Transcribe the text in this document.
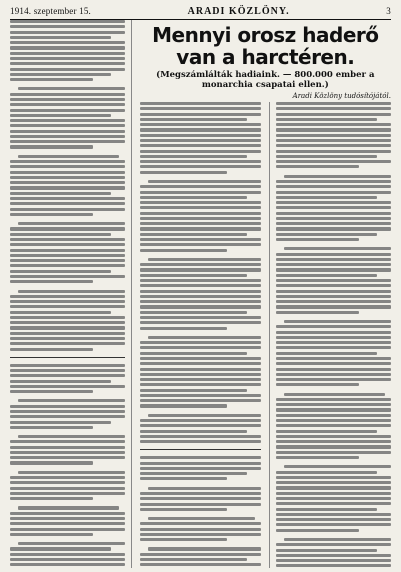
1914. szeptember 15.	ARADI KÖZLÖNY.	3
Mennyi orosz haderő van a harctéren.
(Megszámlálták hadiaink. — 800.000 ember a monarchia csapatai ellen.)
Aradi Közlöny tudósítójától.
